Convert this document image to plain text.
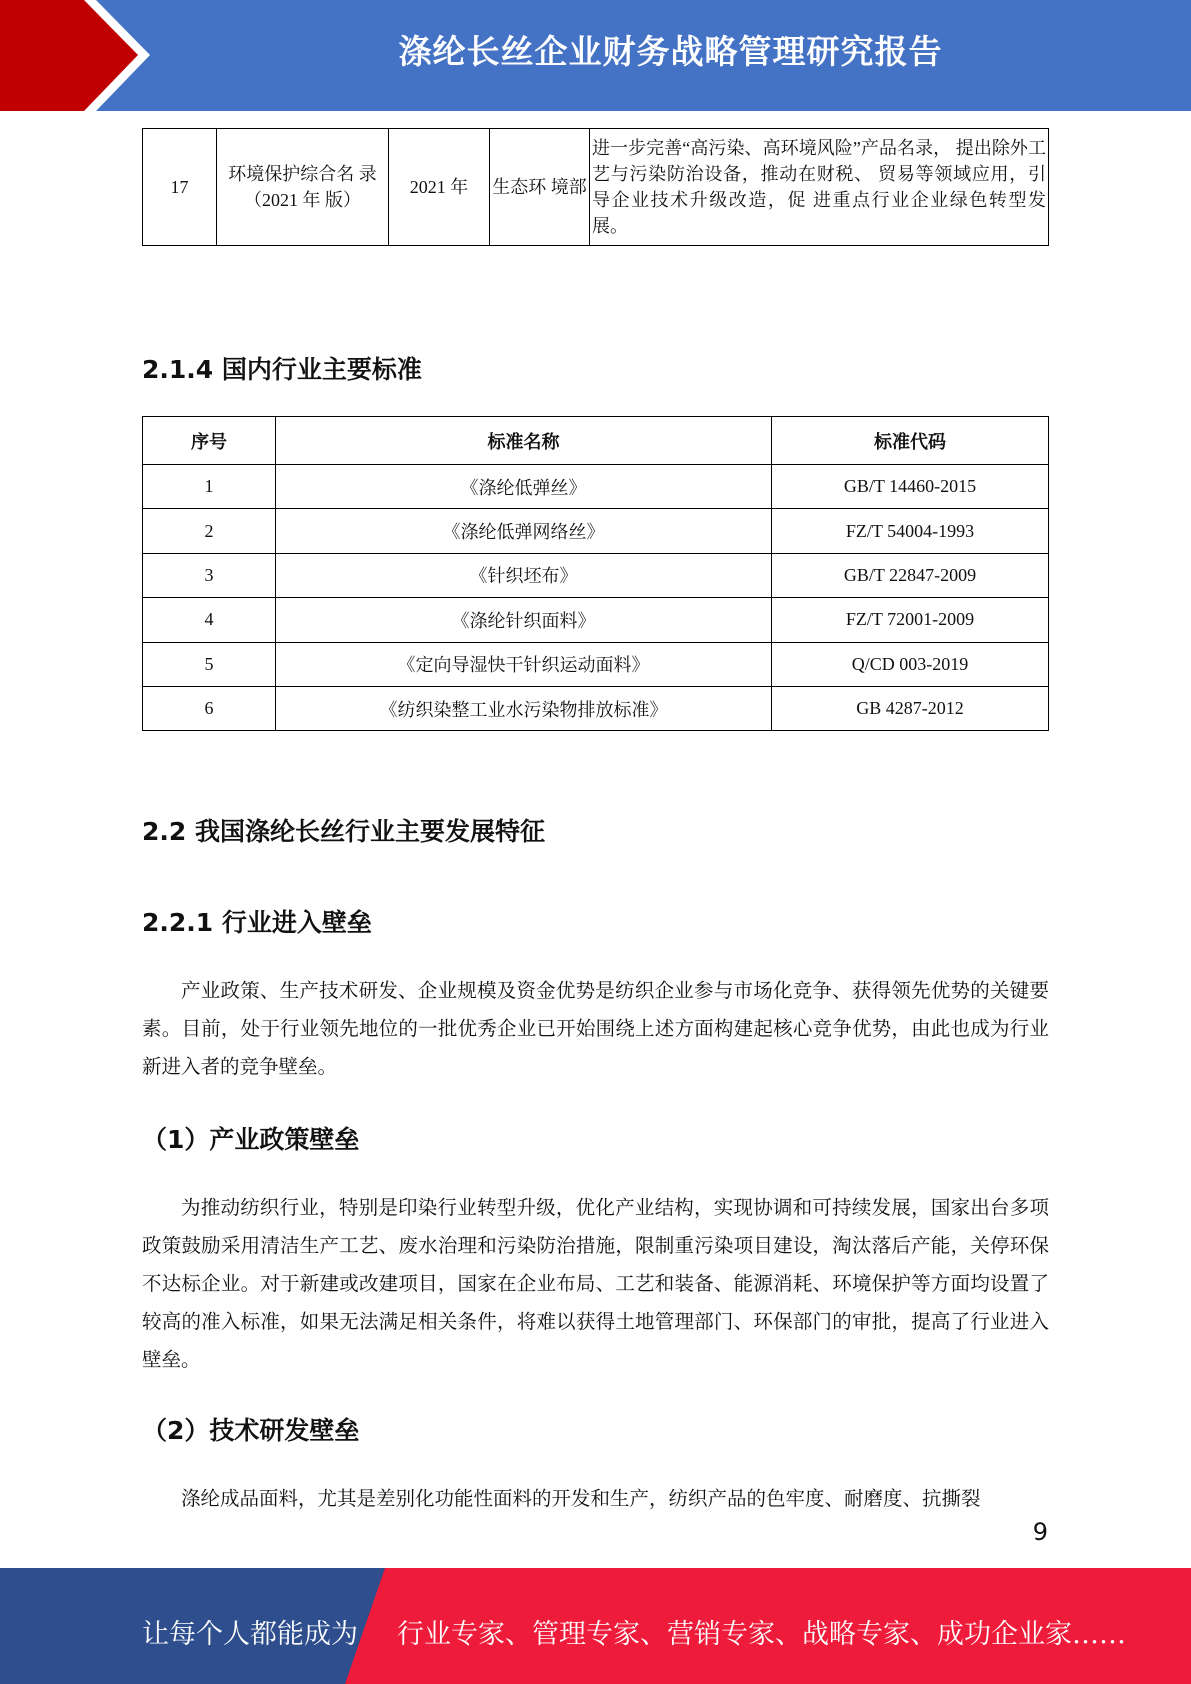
涤纶长丝企业财务战略管理研究报告
17	环境保护综合名 录（2021 年 版）	2021 年	生态环 境部	进一步完善“高污染、高环境风险”产品名录， 提出除外工艺与污染防治设备，推动在财税、 贸易等领域应用，引导企业技术升级改造，促 进重点行业企业绿色转型发展。
2.1.4 国内行业主要标准
序号	标准名称	标准代码
1	《涤纶低弹丝》	GB/T 14460-2015
2	《涤纶低弹网络丝》	FZ/T 54004-1993
3	《针织坯布》	GB/T 22847-2009
4	《涤纶针织面料》	FZ/T 72001-2009
5	《定向导湿快干针织运动面料》	Q/CD 003-2019
6	《纺织染整工业水污染物排放标准》	GB 4287-2012
2.2 我国涤纶长丝行业主要发展特征
2.2.1 行业进入壁垒

产业政策、生产技术研发、企业规模及资金优势是纺织企业参与市场化竞争、获得领先优势的关键要素。目前，处于行业领先地位的一批优秀企业已开始围绕上述方面构建起核心竞争优势，由此也成为行业新进入者的竞争壁垒。

（1）产业政策壁垒

为推动纺织行业，特别是印染行业转型升级，优化产业结构，实现协调和可持续发展，国家出台多项政策鼓励采用清洁生产工艺、废水治理和污染防治措施，限制重污染项目建设，淘汰落后产能，关停环保不达标企业。对于新建或改建项目，国家在企业布局、工艺和装备、能源消耗、环境保护等方面均设置了较高的准入标准，如果无法满足相关条件，将难以获得土地管理部门、环保部门的审批，提高了行业进入壁垒。

（2）技术研发壁垒

涤纶成品面料，尤其是差别化功能性面料的开发和生产，纺织产品的色牢度、耐磨度、抗撕裂

9
让每个人都能成为 行业专家、管理专家、营销专家、战略专家、成功企业家……
